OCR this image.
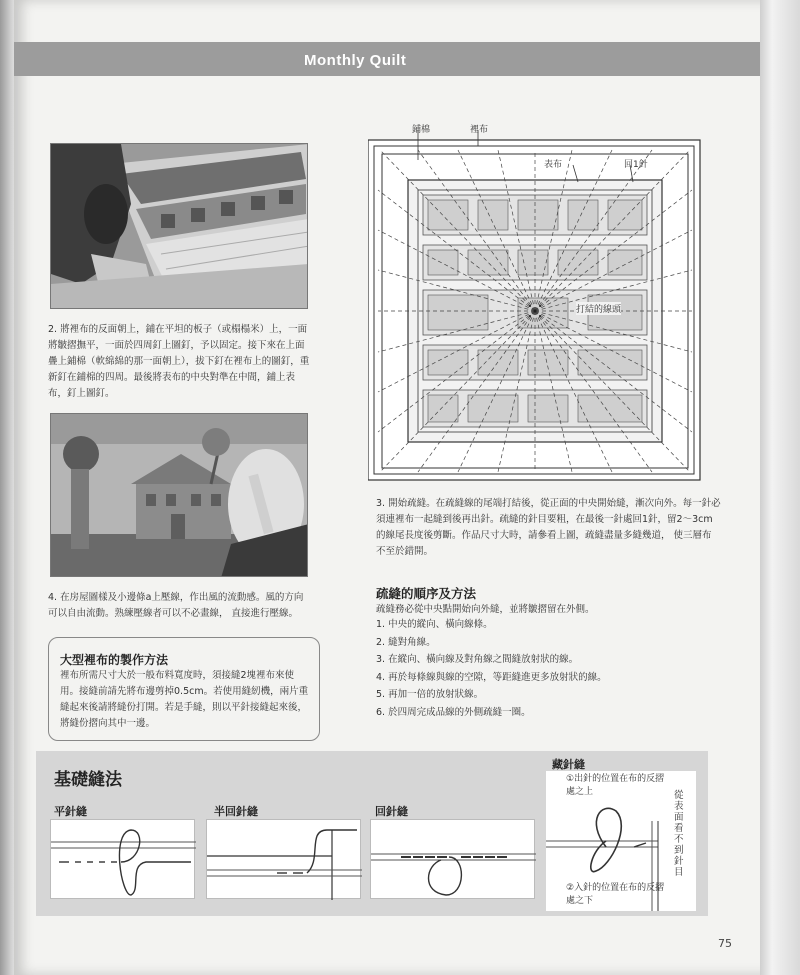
Monthly Quilt
2. 將裡布的反面朝上，鋪在平坦的板子（或榻榻米）上，一面將皺摺撫平，一面於四周釘上圖釘，予以固定。接下來在上面疊上鋪棉（軟綿綿的那一面朝上），拔下釘在裡布上的圖釘，重新釘在鋪棉的四周。最後將表布的中央對準在中間，鋪上表布，釘上圖釘。
4. 在房屋圖樣及小邊條a上壓線，作出風的流動感。風的方向可以自由流動。熟練壓線者可以不必畫線， 直接進行壓線。
大型裡布的製作方法
裡布所需尺寸大於一般布料寬度時，須接縫2塊裡布來使用。接縫前請先將布邊剪掉0.5cm。若使用縫紉機，兩片重縫起來後請將縫份打開。若是手縫，則以平針接縫起來後，將縫份摺向其中一邊。
鋪棉	裡布
表布	回1針
打結的線頭
3. 開始疏縫。在疏縫線的尾端打結後，從正面的中央開始縫，漸次向外。每一針必須連裡布一起縫到後再出針。疏縫的針目要粗，在最後一針處回1針，留2～3cm的線尾長度後剪斷。作品尺寸大時，請參看上圖，疏縫盡量多縫幾道， 使三層布不至於錯開。
疏縫的順序及方法
疏縫務必從中央點開始向外縫，並將皺摺留在外側。
1. 中央的縱向、橫向線條。
2. 縫對角線。
3. 在縱向、橫向線及對角線之間縫放射狀的線。
4. 再於每條線與線的空隙，等距縫進更多放射狀的線。
5. 再加一倍的放射狀線。
6. 於四周完成品線的外側疏縫一圈。
基礎縫法
平針縫	半回針縫	回針縫
藏針縫
①出針的位置在布的反摺處之上
②入針的位置在布的反摺處之下
從表面看不到針目
75
